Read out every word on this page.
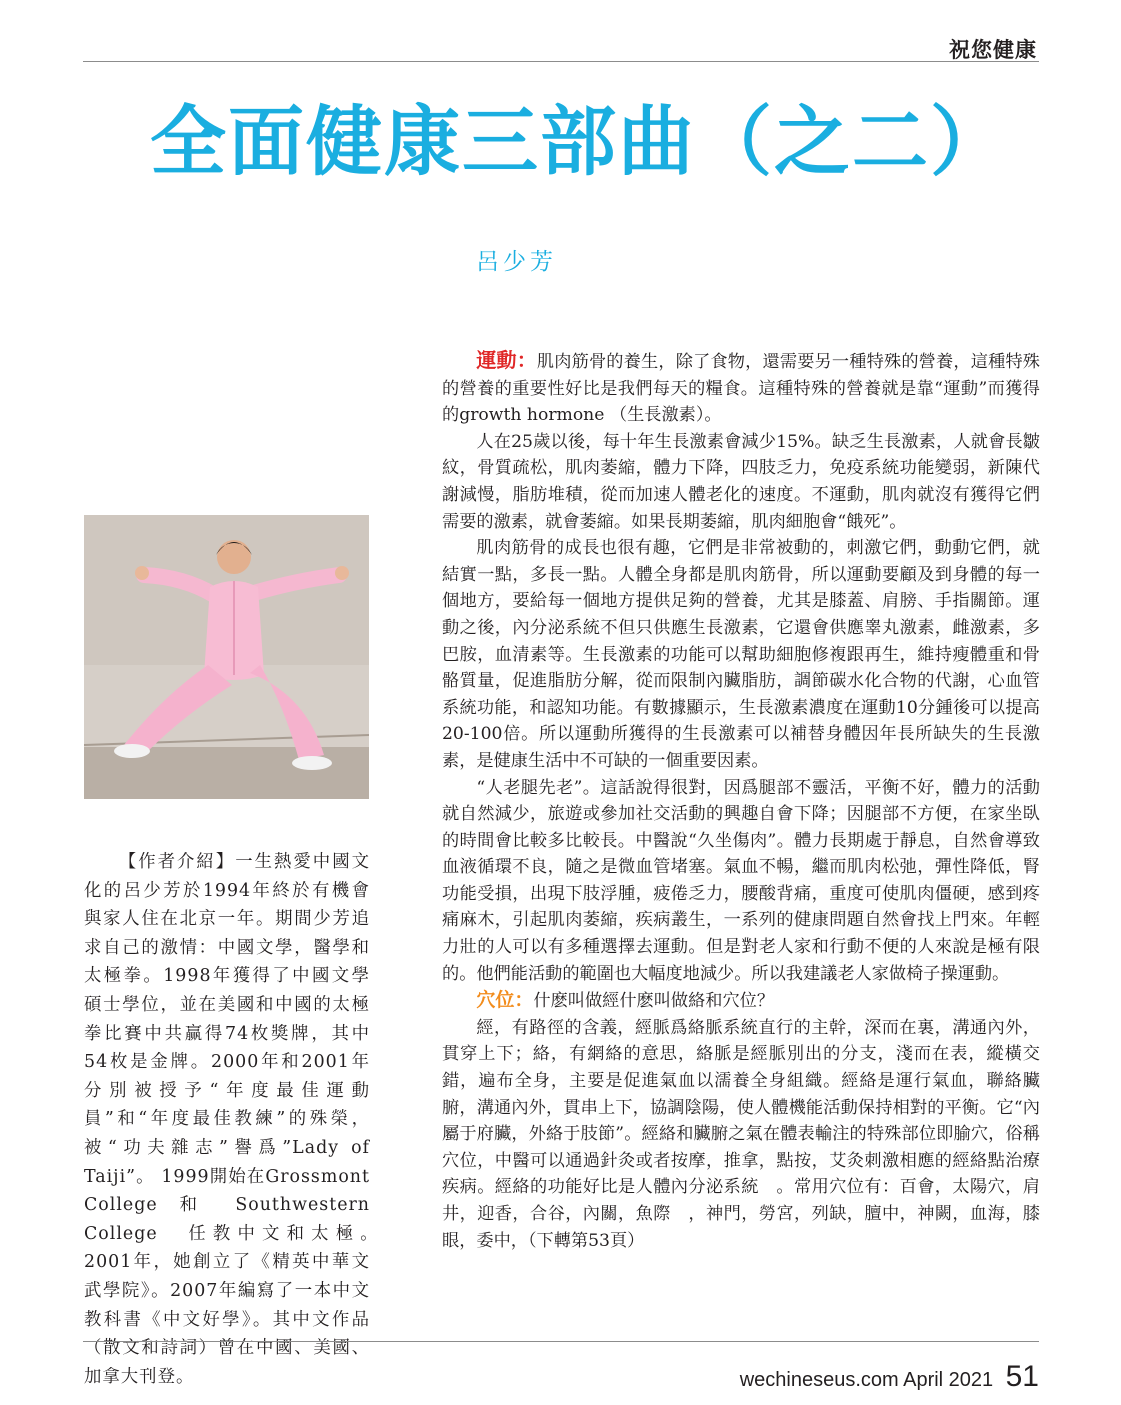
祝您健康
全面健康三部曲（之二）
呂少芳

【作者介紹】一生熱愛中國文化的呂少芳於1994年終於有機會與家人住在北京一年。期間少芳追求自己的激情：中國文學，醫學和太極拳。1998年獲得了中國文學碩士學位，並在美國和中國的太極拳比賽中共赢得74枚獎牌，其中54枚是金牌。2000年和2001年分別被授予“年度最佳運動員”和“年度最佳教練”的殊榮，被“功夫雜志”譽爲”Lady of Taiji”。 1999開始在Grossmont College 和 Southwestern College　任教中文和太極。　2001年，她創立了《精英中華文武學院》。2007年編寫了一本中文教科書《中文好學》。其中文作品（散文和詩詞）曾在中國、美國、加拿大刊登。

運動：肌肉筋骨的養生，除了食物，還需要另一種特殊的營養，這種特殊的營養的重要性好比是我們每天的糧食。這種特殊的營養就是靠“運動”而獲得的growth hormone （生長激素）。

人在25歲以後，每十年生長激素會減少15%。缺乏生長激素，人就會長皺紋，骨質疏松，肌肉萎縮，體力下降，四肢乏力，免疫系統功能變弱，新陳代謝減慢，脂肪堆積，從而加速人體老化的速度。不運動，肌肉就沒有獲得它們需要的激素，就會萎縮。如果長期萎縮，肌肉細胞會“餓死”。

肌肉筋骨的成長也很有趣，它們是非常被動的，刺激它們，動動它們，就結實一點，多長一點。人體全身都是肌肉筋骨，所以運動要顧及到身體的每一個地方，要給每一個地方提供足夠的營養，尤其是膝蓋、肩膀、手指關節。運動之後，內分泌系統不但只供應生長激素，它還會供應睾丸激素，雌激素，多巴胺，血清素等。生長激素的功能可以幫助細胞修複跟再生，維持瘦體重和骨骼質量，促進脂肪分解，從而限制內臟脂肪，調節碳水化合物的代謝，心血管系統功能，和認知功能。有數據顯示，生長激素濃度在運動10分鍾後可以提高20-100倍。所以運動所獲得的生長激素可以補替身體因年長所缺失的生長激素，是健康生活中不可缺的一個重要因素。

“人老腿先老”。這話說得很對，因爲腿部不靈活，平衡不好，體力的活動就自然減少，旅遊或參加社交活動的興趣自會下降；因腿部不方便，在家坐臥的時間會比較多比較長。中醫說“久坐傷肉”。體力長期處于靜息，自然會導致血液循環不良，隨之是微血管堵塞。氣血不暢，繼而肌肉松弛，彈性降低，腎功能受損，出現下肢浮腫，疲倦乏力，腰酸背痛，重度可使肌肉僵硬，感到疼痛麻木，引起肌肉萎縮，疾病叢生，一系列的健康問題自然會找上門來。年輕力壯的人可以有多種選擇去運動。但是對老人家和行動不便的人來說是極有限的。他們能活動的範圍也大幅度地減少。所以我建議老人家做椅子操運動。

穴位：什麽叫做經什麽叫做絡和穴位？

經，有路徑的含義，經脈爲絡脈系統直行的主幹，深而在裏，溝通內外，貫穿上下；絡，有網絡的意思，絡脈是經脈別出的分支，淺而在表，縱橫交錯，遍布全身，主要是促進氣血以濡養全身組織。經絡是運行氣血，聯絡臟腑，溝通內外，貫串上下，協調陰陽，使人體機能活動保持相對的平衡。它“內屬于府臟，外絡于肢節”。經絡和臟腑之氣在體表輸注的特殊部位即腧穴，俗稱穴位，中醫可以通過針灸或者按摩，推拿，點按，艾灸刺激相應的經絡點治療疾病。經絡的功能好比是人體內分泌系統　。常用穴位有：百會，太陽穴，肩井，迎香，合谷，內關，魚際　，神門，勞宮，列缺，膻中，神闕，血海，膝眼，委中，（下轉第53頁）

wechineseus.com April 2021 51
